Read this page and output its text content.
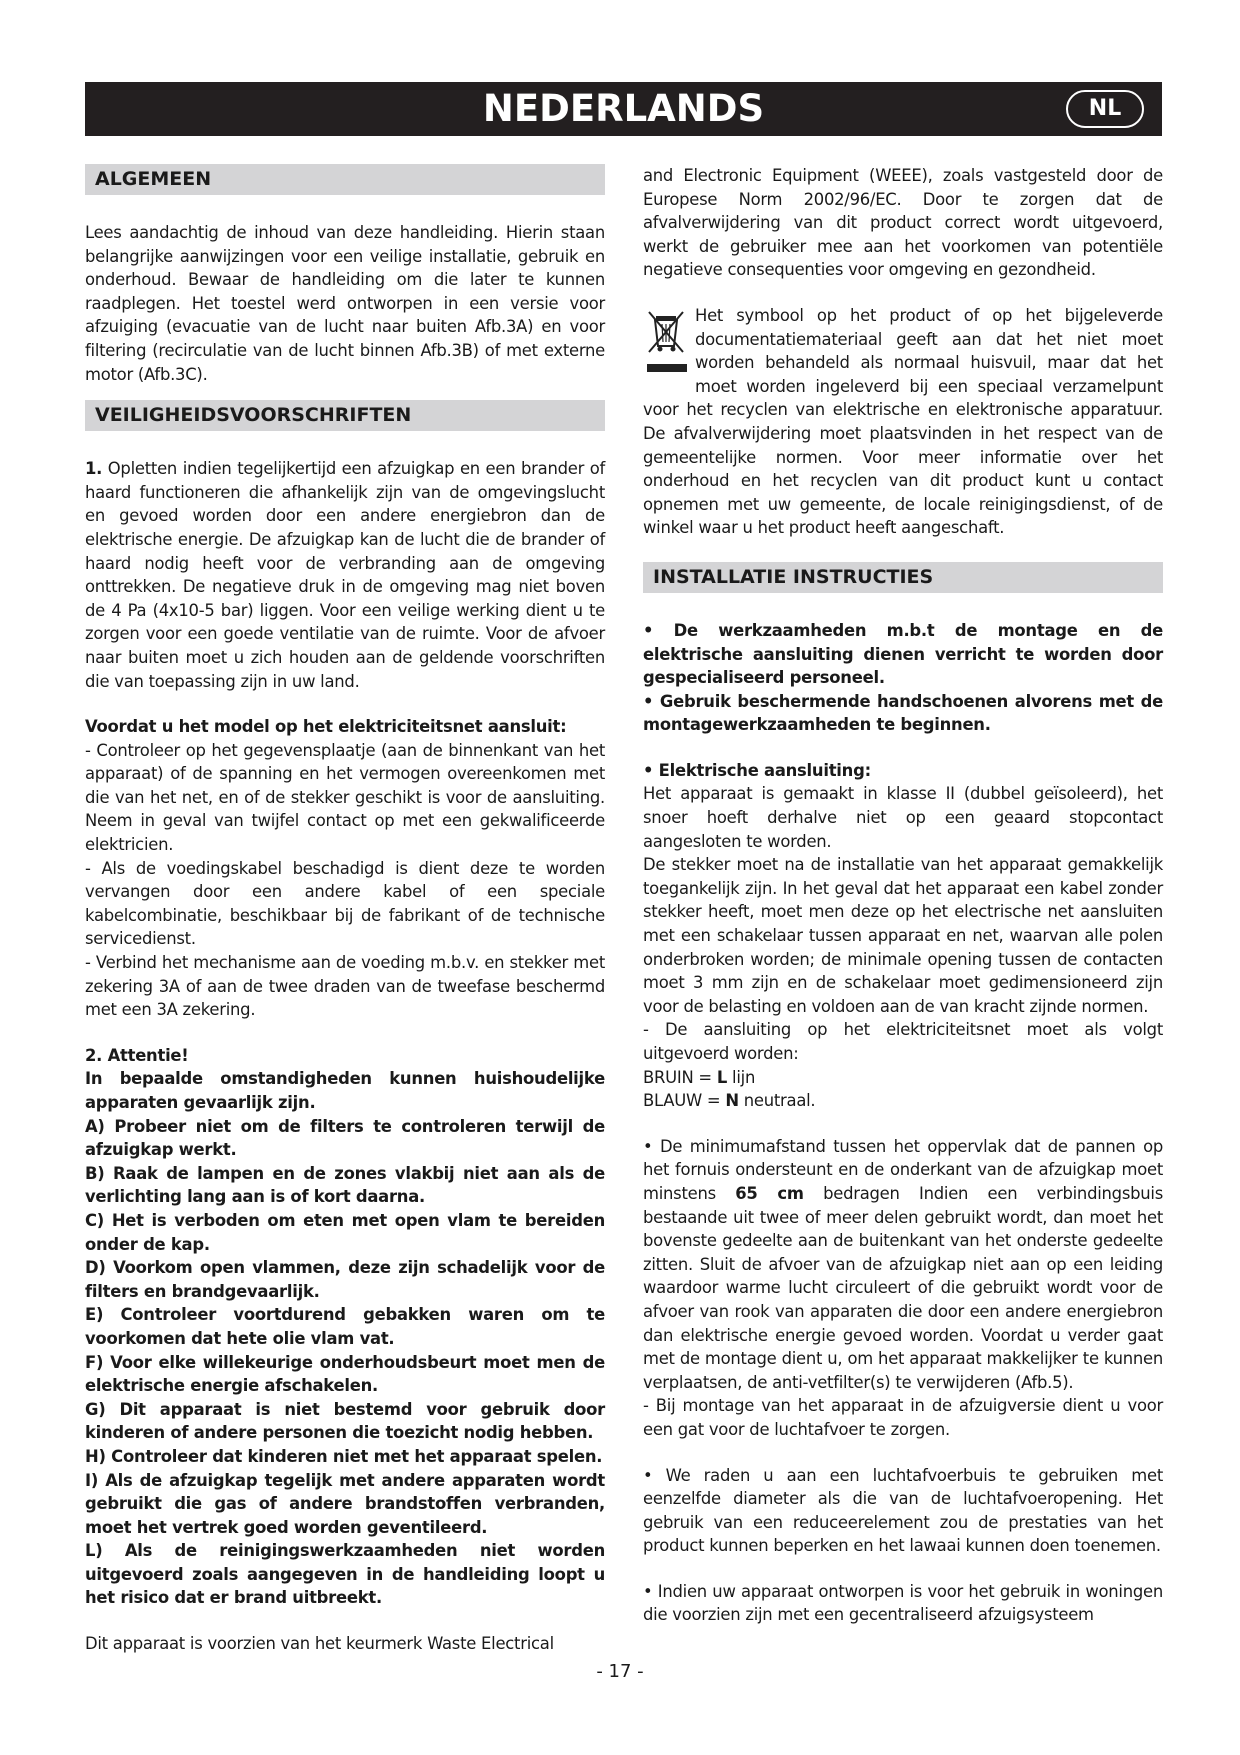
NEDERLANDS	NL
ALGEMEEN

Lees aandachtig de inhoud van deze handleiding. Hierin staan belangrijke aanwijzingen voor een veilige installatie, gebruik en onderhoud. Bewaar de handleiding om die later te kunnen raadplegen. Het toestel werd ontworpen in een versie voor afzuiging (evacuatie van de lucht naar buiten Afb.3A) en voor filtering (recirculatie van de lucht binnen Afb.3B) of met externe motor (Afb.3C).

VEILIGHEIDSVOORSCHRIFTEN

1. Opletten indien tegelijkertijd een afzuigkap en een brander of haard functioneren die afhankelijk zijn van de omgevingslucht en gevoed worden door een andere energiebron dan de elektrische energie. De afzuigkap kan de lucht die de brander of haard nodig heeft voor de verbranding aan de omgeving onttrekken. De negatieve druk in de omgeving mag niet boven de 4 Pa (4x10-5 bar) liggen. Voor een veilige werking dient u te zorgen voor een goede ventilatie van de ruimte. Voor de afvoer naar buiten moet u zich houden aan de geldende voorschriften die van toepassing zijn in uw land.

Voordat u het model op het elektriciteitsnet aansluit:

- Controleer op het gegevensplaatje (aan de binnenkant van het apparaat) of de spanning en het vermogen overeenkomen met die van het net, en of de stekker geschikt is voor de aansluiting. Neem in geval van twijfel contact op met een gekwalificeerde elektricien.

- Als de voedingskabel beschadigd is dient deze te worden vervangen door een andere kabel of een speciale kabelcombinatie, beschikbaar bij de fabrikant of de technische servicedienst.

- Verbind het mechanisme aan de voeding m.b.v. en stekker met zekering 3A of aan de twee draden van de tweefase beschermd met een 3A zekering.

2. Attentie!

In bepaalde omstandigheden kunnen huishoudelijke apparaten gevaarlijk zijn.

A) Probeer niet om de filters te controleren terwijl de afzuigkap werkt.

B) Raak de lampen en de zones vlakbij niet aan als de verlichting lang aan is of kort daarna.

C) Het is verboden om eten met open vlam te bereiden onder de kap.

D) Voorkom open vlammen, deze zijn schadelijk voor de filters en brandgevaarlijk.

E) Controleer voortdurend gebakken waren om te voorkomen dat hete olie vlam vat.

F) Voor elke willekeurige onderhoudsbeurt moet men de elektrische energie afschakelen.

G) Dit apparaat is niet bestemd voor gebruik door kinderen of andere personen die toezicht nodig hebben.

H) Controleer dat kinderen niet met het apparaat spelen.

I) Als de afzuigkap tegelijk met andere apparaten wordt gebruikt die gas of andere brandstoffen verbranden, moet het vertrek goed worden geventileerd.

L) Als de reinigingswerkzaamheden niet worden uitgevoerd zoals aangegeven in de handleiding loopt u het risico dat er brand uitbreekt.

Dit apparaat is voorzien van het keurmerk Waste Electrical

and Electronic Equipment (WEEE), zoals vastgesteld door de Europese Norm 2002/96/EC. Door te zorgen dat de afvalverwijdering van dit product correct wordt uitgevoerd, werkt de gebruiker mee aan het voorkomen van potentiële negatieve consequenties voor omgeving en gezondheid.

Het symbool op het product of op het bijgeleverde documentatiemateriaal geeft aan dat het niet moet worden behandeld als normaal huisvuil, maar dat het moet worden ingeleverd bij een speciaal verzamelpunt voor het recyclen van elektrische en elektronische apparatuur. De afvalverwijdering moet plaatsvinden in het respect van de gemeentelijke normen. Voor meer informatie over het onderhoud en het recyclen van dit product kunt u contact opnemen met uw gemeente, de locale reinigingsdienst, of de winkel waar u het product heeft aangeschaft.

INSTALLATIE INSTRUCTIES

• De werkzaamheden m.b.t de montage en de elektrische aansluiting dienen verricht te worden door gespecialiseerd personeel.

• Gebruik beschermende handschoenen alvorens met de montagewerkzaamheden te beginnen.

• Elektrische aansluiting:

Het apparaat is gemaakt in klasse II (dubbel geïsoleerd), het snoer hoeft derhalve niet op een geaard stopcontact aangesloten te worden.

De stekker moet na de installatie van het apparaat gemakkelijk toegankelijk zijn. In het geval dat het apparaat een kabel zonder stekker heeft, moet men deze op het electrische net aansluiten met een schakelaar tussen apparaat en net, waarvan alle polen onderbroken worden; de minimale opening tussen de contacten moet 3 mm zijn en de schakelaar moet gedimensioneerd zijn voor de belasting en voldoen aan de van kracht zijnde normen.

- De aansluiting op het elektriciteitsnet moet als volgt uitgevoerd worden:

BRUIN = L lijn

BLAUW = N neutraal.

• De minimumafstand tussen het oppervlak dat de pannen op het fornuis ondersteunt en de onderkant van de afzuigkap moet minstens 65 cm bedragen Indien een verbindingsbuis bestaande uit twee of meer delen gebruikt wordt, dan moet het bovenste gedeelte aan de buitenkant van het onderste gedeelte zitten. Sluit de afvoer van de afzuigkap niet aan op een leiding waardoor warme lucht circuleert of die gebruikt wordt voor de afvoer van rook van apparaten die door een andere energiebron dan elektrische energie gevoed worden. Voordat u verder gaat met de montage dient u, om het apparaat makkelijker te kunnen verplaatsen, de anti-vetfilter(s) te verwijderen (Afb.5).

- Bij montage van het apparaat in de afzuigversie dient u voor een gat voor de luchtafvoer te zorgen.

• We raden u aan een luchtafvoerbuis te gebruiken met eenzelfde diameter als die van de luchtafvoeropening. Het gebruik van een reduceerelement zou de prestaties van het product kunnen beperken en het lawaai kunnen doen toenemen.

• Indien uw apparaat ontworpen is voor het gebruik in woningen die voorzien zijn met een gecentraliseerd afzuigsysteem

- 17 -
